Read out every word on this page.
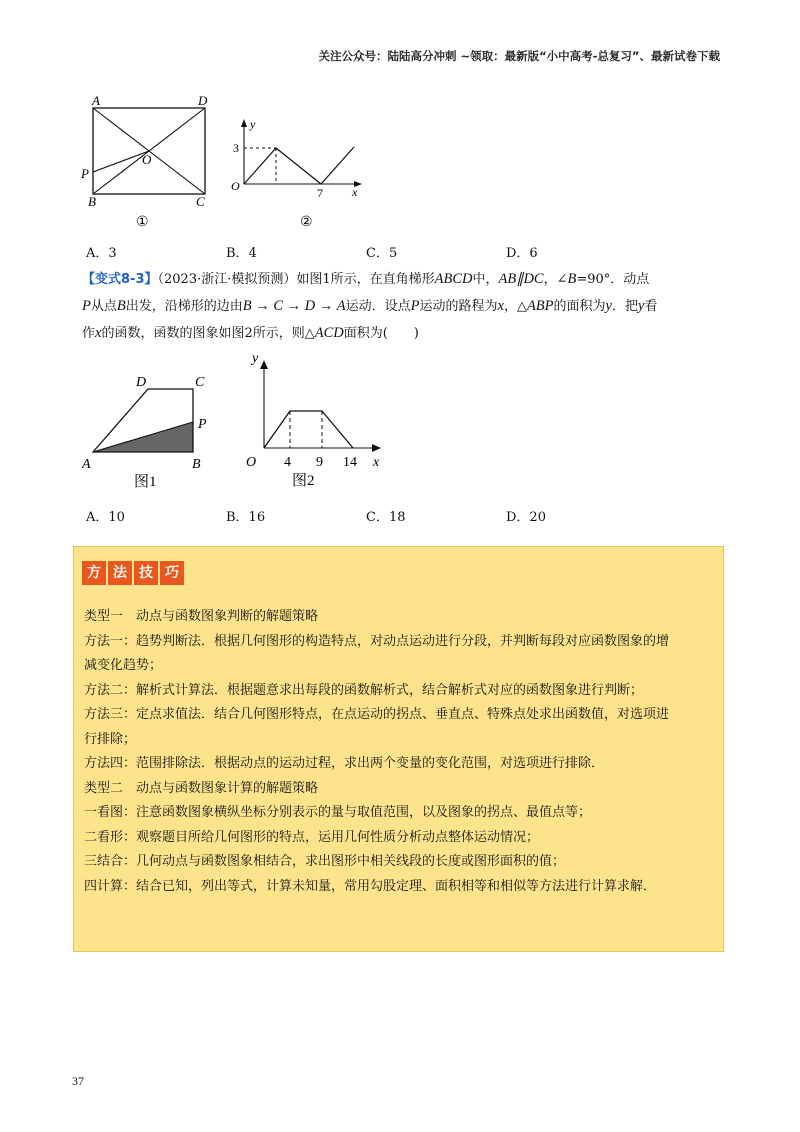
关注公众号：陆陆高分冲刺 ~领取：最新版“小中高考-总复习”、最新试卷下载
A	D
P
O
B	C
①
y
x
O
3
7
②
A．3	B．4	C．5	D．6
【变式8-3】（2023·浙江·模拟预测）如图1所示，在直角梯形ABCD中，AB∥DC，∠B=90°．动点
P从点B出发，沿梯形的边由B → C → D → A运动．设点P运动的路程为x，△ABP的面积为y．把y看
作x的函数，函数的图象如图2所示，则△ACD面积为(　　)
D	C
P
A	B
图1
y
x
O 4 9 14
图2
A．10	B．16	C．18	D．20
方 法 技 巧
类型一　动点与函数图象判断的解题策略
方法一：趋势判断法．根据几何图形的构造特点，对动点运动进行分段，并判断每段对应函数图象的增
减变化趋势；
方法二：解析式计算法．根据题意求出每段的函数解析式，结合解析式对应的函数图象进行判断；
方法三：定点求值法．结合几何图形特点，在点运动的拐点、垂直点、特殊点处求出函数值，对选项进
行排除；
方法四：范围排除法．根据动点的运动过程，求出两个变量的变化范围，对选项进行排除．
类型二　动点与函数图象计算的解题策略
一看图：注意函数图象横纵坐标分别表示的量与取值范围，以及图象的拐点、最值点等；
二看形：观察题目所给几何图形的特点，运用几何性质分析动点整体运动情况；
三结合：几何动点与函数图象相结合，求出图形中相关线段的长度或图形面积的值；
四计算：结合已知，列出等式，计算未知量，常用勾股定理、面积相等和相似等方法进行计算求解．
37
